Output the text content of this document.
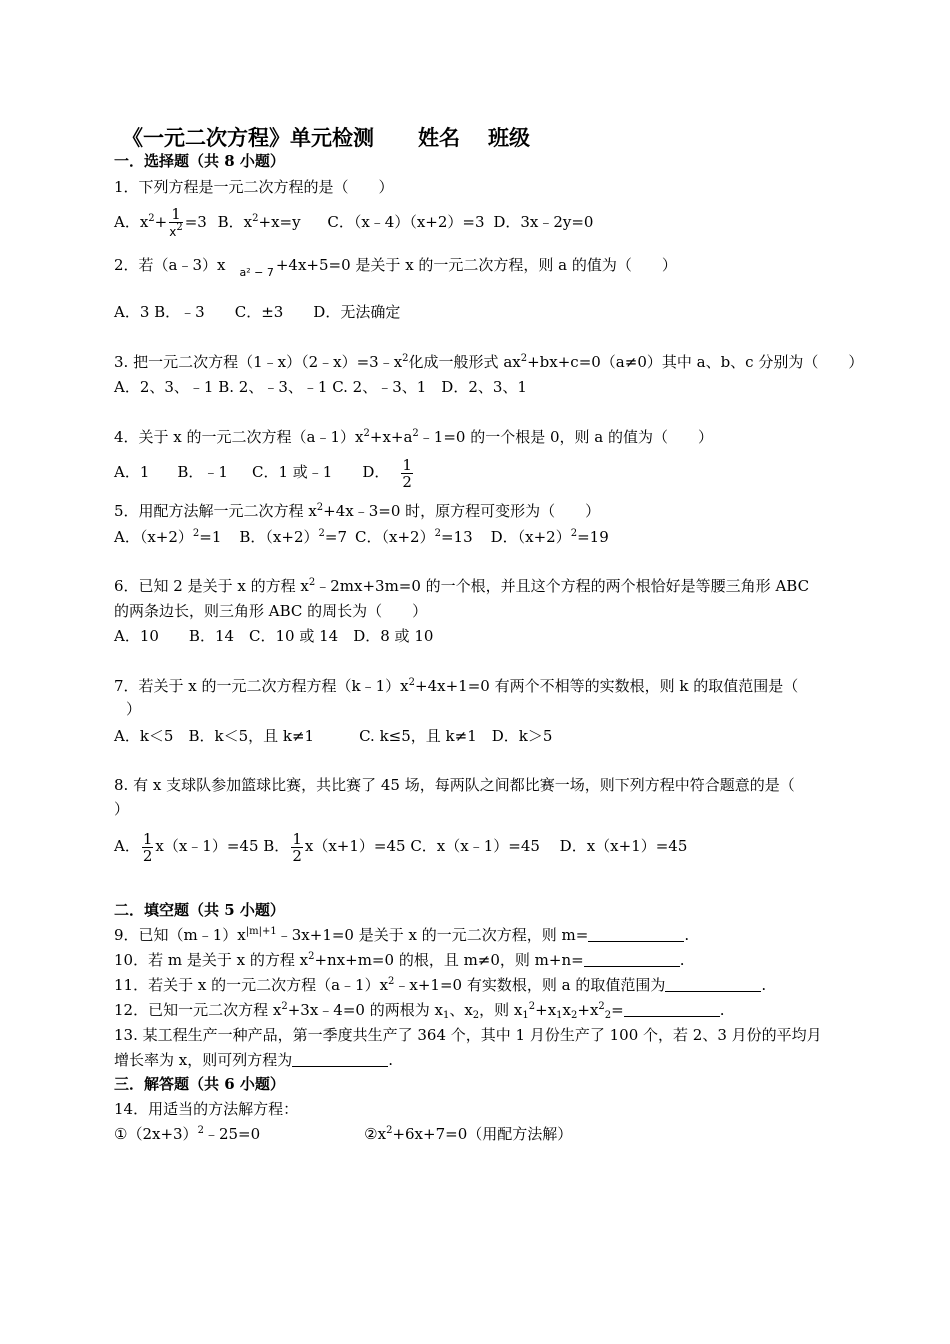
《一元二次方程》单元检测 姓名 班级
一．选择题（共 8 小题）
1．下列方程是一元二次方程的是（　　）
A．$x^2+ \frac{1}{x^2} =3$ B．$x^2+x=y$ C．（x﹣4）（x+2）=3 D．3x﹣2y=0
2．若（a﹣3）x a² − 7 +4x+5=0 是关于 x 的一元二次方程，则 a 的值为（　　）
A．3 B．﹣3　　C．±3　　D．无法确定
3. 把一元二次方程$(1﹣x)(2﹣x)=3﹣x^2$化成一般形式 $ax^2+bx+c=0(a\ne 0)$其中 a、b、c 分别为（　　）
A．2、3、﹣1 B. 2、﹣3、﹣1 C. 2、﹣3、1　D．2、3、1
4．关于 x 的一元二次方程$(a﹣1)x^2+x+a^2﹣1=0$ 的一个根是 0，则 a 的值为（　　）
A．1 B．﹣1 C．1 或﹣1 D． $\frac{1}{2}$
5．用配方法解一元二次方程 $x^2+4x﹣3=0$ 时，原方程可变形为（　　）
A．$(x+2)^2=1$ B．$(x+2)^2=7$ C．$(x+2)^2=13$ D．$(x+2)^2=19$
6．已知 2 是关于 x 的方程 $x^2﹣2mx+3m=0$ 的一个根，并且这个方程的两个根恰好是等腰三角形 ABC
的两条边长，则三角形 ABC 的周长为（　　）
A．10　　B．14　C．10 或 14　D．8 或 10
7．若关于 x 的一元二次方程方程$(k﹣1)x^2+4x+1=0$ 有两个不相等的实数根，则 k 的取值范围是（
）
A．k＜5　B．k＜5，且 k≠1　　　C. k≤5，且 k≠1　D．k＞5
8. 有 x 支球队参加篮球比赛，共比赛了 45 场，每两队之间都比赛一场，则下列方程中符合题意的是（
）
A． $\frac{1}{2}$ x（x﹣1）=45 B． $\frac{1}{2} x(x+1)=45$ C．x（x﹣1）=45　 D．x（x+1）=45
二．填空题（共 5 小题）
9．已知$(m﹣1)x^{|m|+1}﹣3x+1=0$ 是关于 x 的一元二次方程，则 m=	.
10．若 m 是关于 x 的方程 $x^2+nx+m=0$ 的根，且 m≠0，则 m+n=	.
11．若关于 x 的一元二次方程$(a﹣1)x^2﹣x+1=0$ 有实数根，则 a 的取值范围为	.
12．已知一元二次方程 $x^2+3x﹣4=0$ 的两根为 $x_1$、$x_2$，则 $x_1^2+x_1x_2+x^2_2=$	.
13. 某工程生产一种产品，第一季度共生产了 364 个，其中 1 月份生产了 100 个，若 2、3 月份的平均月
增长率为 x，则可列方程为	.
三．解答题（共 6 小题）
14．用适当的方法解方程：
$①(2x+3)^2﹣25=0$	$②x^2+6x+7=0$（用配方法解）
